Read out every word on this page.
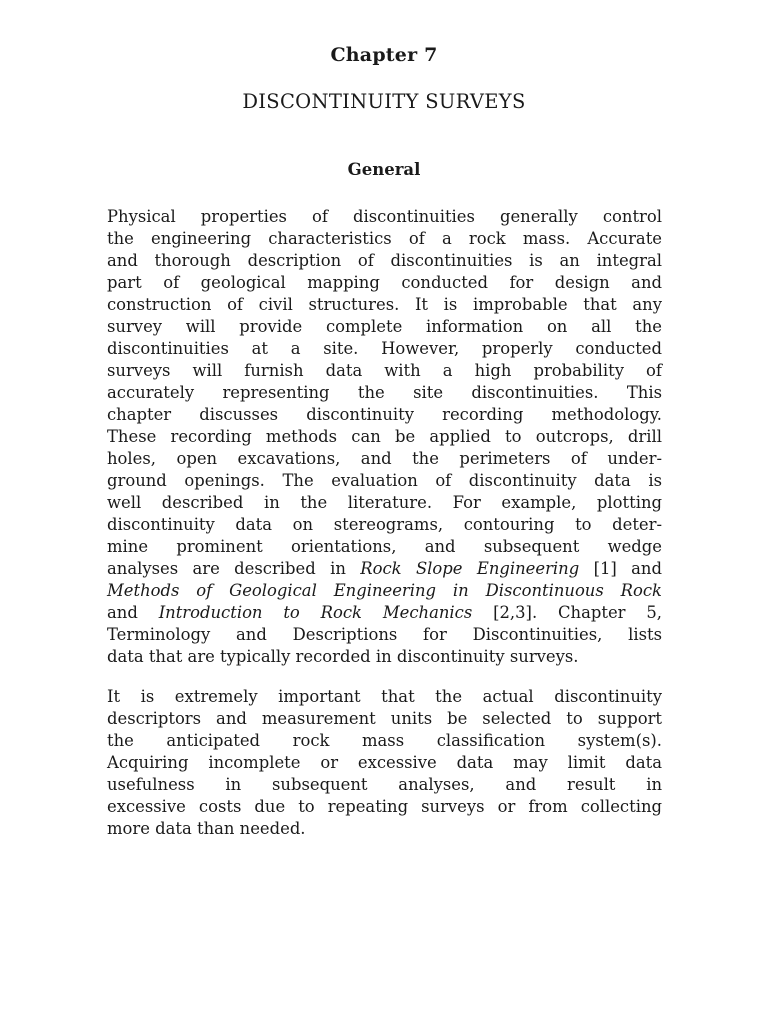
Chapter 7
DISCONTINUITY SURVEYS
General
Physical properties of discontinuities generally control
the engineering characteristics of a rock mass. Accurate
and thorough description of discontinuities is an integral
part of geological mapping conducted for design and
construction of civil structures. It is improbable that any
survey will provide complete information on all the
discontinuities at a site. However, properly conducted
surveys will furnish data with a high probability of
accurately representing the site discontinuities. This
chapter discusses discontinuity recording methodology.
These recording methods can be applied to outcrops, drill
holes, open excavations, and the perimeters of under-
ground openings. The evaluation of discontinuity data is
well described in the literature. For example, plotting
discontinuity data on stereograms, contouring to deter-
mine prominent orientations, and subsequent wedge
analyses are described in Rock Slope Engineering [1] and
Methods of Geological Engineering in Discontinuous Rock
and Introduction to Rock Mechanics [2,3]. Chapter 5,
Terminology and Descriptions for Discontinuities, lists
data that are typically recorded in discontinuity surveys.
It is extremely important that the actual discontinuity
descriptors and measurement units be selected to support
the anticipated rock mass classification system(s).
Acquiring incomplete or excessive data may limit data
usefulness in subsequent analyses, and result in
excessive costs due to repeating surveys or from collecting
more data than needed.
